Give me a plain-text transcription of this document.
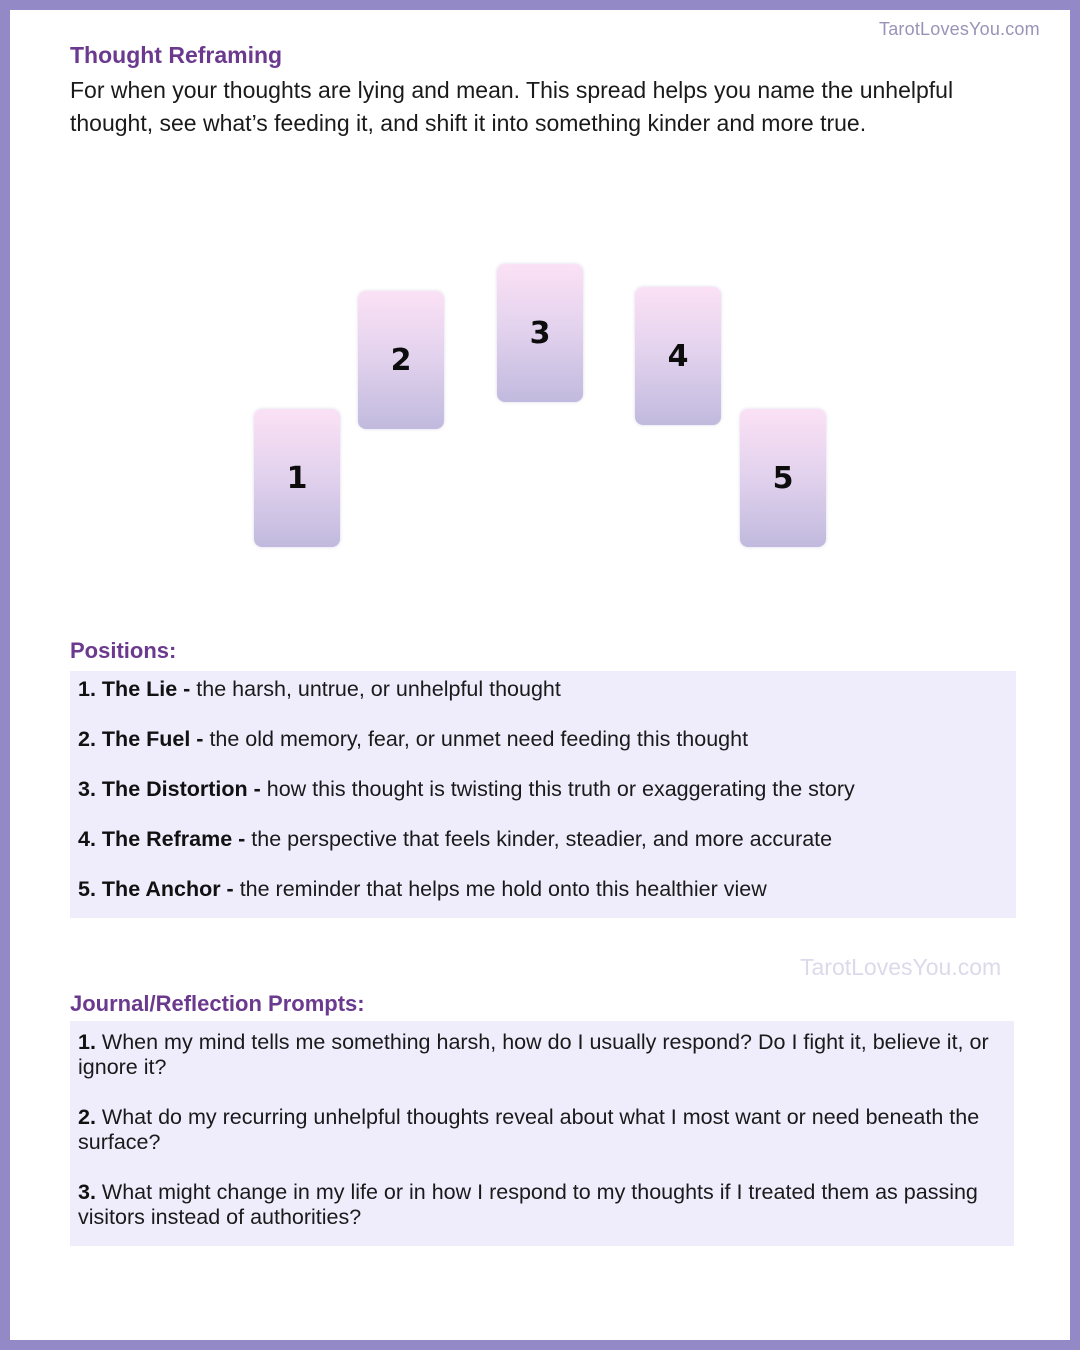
TarotLovesYou.com
Thought Reframing
For when your thoughts are lying and mean. This spread helps you name the unhelpful thought, see what’s feeding it, and shift it into something kinder and more true.
1
2
3
4
5
Positions:
1. The Lie - the harsh, untrue, or unhelpful thought
2. The Fuel - the old memory, fear, or unmet need feeding this thought
3. The Distortion - how this thought is twisting this truth or exaggerating the story
4. The Reframe - the perspective that feels kinder, steadier, and more accurate
5. The Anchor - the reminder that helps me hold onto this healthier view
TarotLovesYou.com
Journal/Reflection Prompts:
1. When my mind tells me something harsh, how do I usually respond? Do I fight it, believe it, or ignore it?
2. What do my recurring unhelpful thoughts reveal about what I most want or need beneath the surface?
3. What might change in my life or in how I respond to my thoughts if I treated them as passing visitors instead of authorities?
